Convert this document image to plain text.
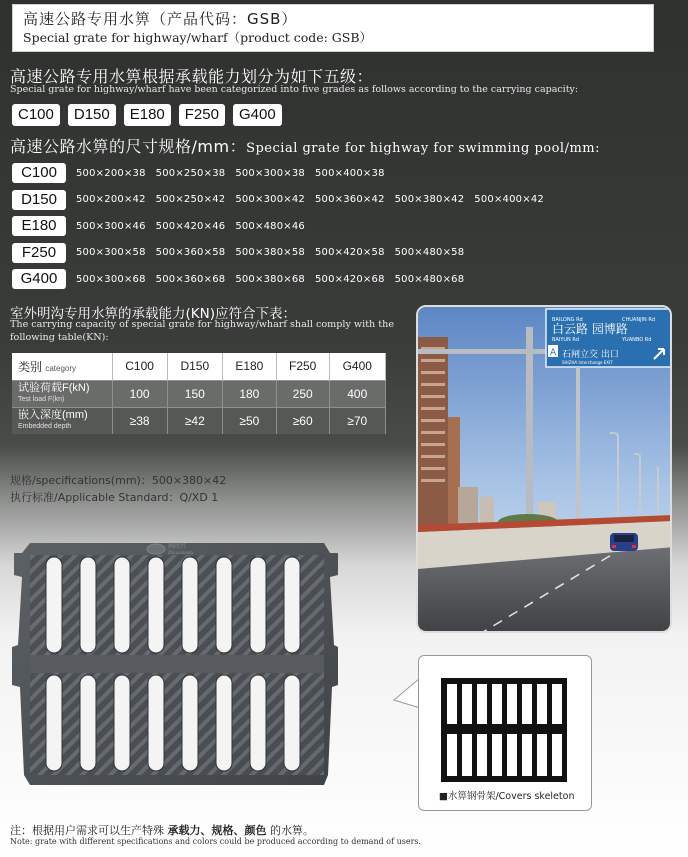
高速公路专用水箅（产品代码：GSB）
Special grate for highway/wharf（product code: GSB）
高速公路专用水箅根据承载能力划分为如下五级：
Special grate for highway/wharf have been categorized into five grades as follows according to the carrying capacity:
C100	D150	E180	F250	G400
高速公路水箅的尺寸规格/mm：Special grate for highway for swimming pool/mm:
C100	500×200×38 500×250×38 500×300×38 500×400×38
D150	500×200×42 500×250×42 500×300×42 500×360×42 500×380×42 500×400×42
E180	500×300×46 500×420×46 500×480×46
F250	500×300×58 500×360×58 500×380×58 500×420×58 500×480×58
G400	500×300×68 500×360×68 500×380×68 500×420×68 500×480×68
室外明沟专用水箅的承载能力(KN)应符合下表：
The carrying capacity of special grate for highway/wharf shall comply with the following table(KN):
类别 category	C100	D150	E180	F250	G400

试验荷载F(kN)
Test load F(kn)	100	150	180	250	400

嵌入深度(mm)
Embedded depth	≥38	≥42	≥50	≥60	≥70
白云路 园博路
BAILONG Rd	CHUANJIN Rd
BAIYUN Rd	YUANBO Rd
A 石闸立交 出口
SHIZHA Interchange EXIT
规格/specifications(mm)：500×380×42
执行标准/Applicable Standard：Q/XD 1
洲欣兴
Zhouxinxing
■水箅钢骨架/Covers skeleton
注：根据用户需求可以生产特殊 承载力、规格、颜色 的水箅。
Note: grate with different specifications and colors could be produced according to demand of users.
